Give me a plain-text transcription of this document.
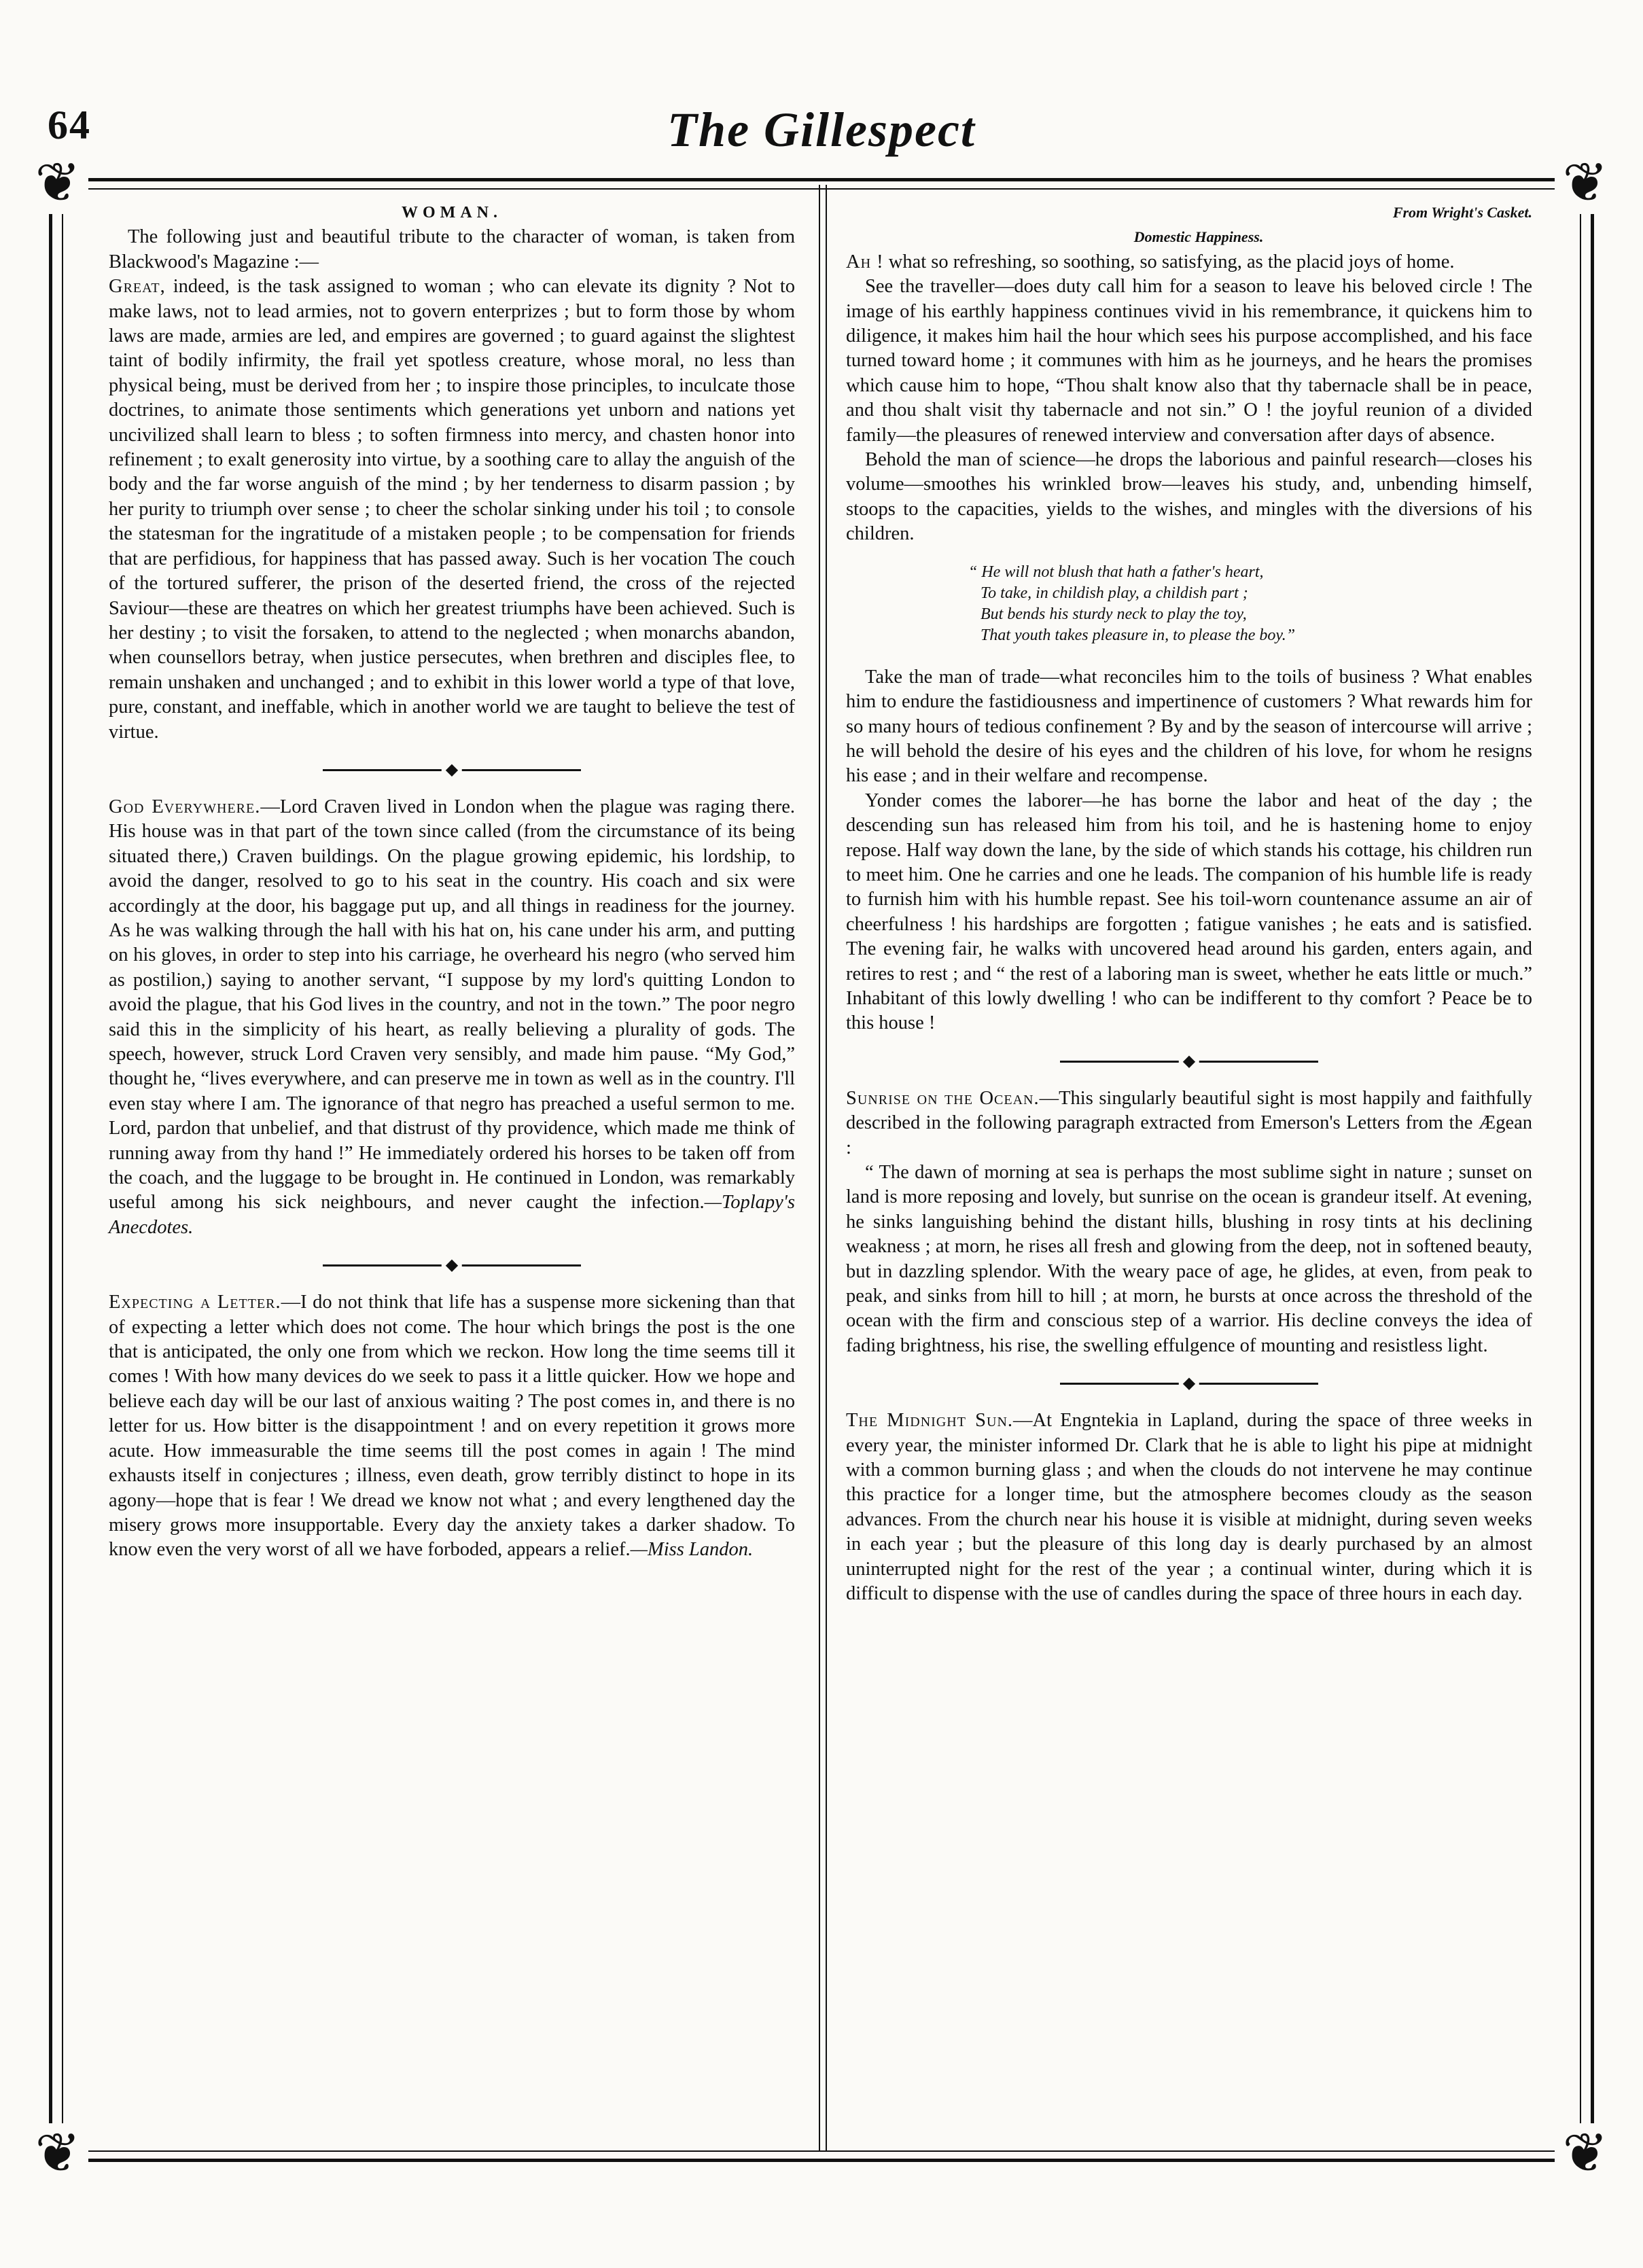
64	The Gillespect
❦	❦
❦	❦

WOMAN.

The following just and beautiful tribute to the character of woman, is taken from Blackwood's Magazine :—

Great, indeed, is the task assigned to woman ; who can elevate its dignity ? Not to make laws, not to lead armies, not to govern enterprizes ; but to form those by whom laws are made, armies are led, and empires are governed ; to guard against the slightest taint of bodily infirmity, the frail yet spotless creature, whose moral, no less than physical being, must be derived from her ; to inspire those principles, to inculcate those doctrines, to animate those sentiments which generations yet unborn and nations yet uncivilized shall learn to bless ; to soften firmness into mercy, and chasten honor into refinement ; to exalt generosity into virtue, by a soothing care to allay the anguish of the body and the far worse anguish of the mind ; by her tenderness to disarm passion ; by her purity to triumph over sense ; to cheer the scholar sinking under his toil ; to console the statesman for the ingratitude of a mistaken people ; to be compensation for friends that are perfidious, for happiness that has passed away. Such is her vocation The couch of the tortured sufferer, the prison of the deserted friend, the cross of the rejected Saviour—these are theatres on which her greatest triumphs have been achieved. Such is her destiny ; to visit the forsaken, to attend to the neglected ; when monarchs abandon, when counsellors betray, when justice persecutes, when brethren and disciples flee, to remain unshaken and unchanged ; and to exhibit in this lower world a type of that love, pure, constant, and ineffable, which in another world we are taught to believe the test of virtue.

◆

God Everywhere.—Lord Craven lived in London when the plague was raging there. His house was in that part of the town since called (from the circumstance of its being situated there,) Craven buildings. On the plague growing epidemic, his lordship, to avoid the danger, resolved to go to his seat in the country. His coach and six were accordingly at the door, his baggage put up, and all things in readiness for the journey. As he was walking through the hall with his hat on, his cane under his arm, and putting on his gloves, in order to step into his carriage, he overheard his negro (who served him as postilion,) saying to another servant, “I suppose by my lord's quitting London to avoid the plague, that his God lives in the country, and not in the town.” The poor negro said this in the simplicity of his heart, as really believing a plurality of gods. The speech, however, struck Lord Craven very sensibly, and made him pause. “My God,” thought he, “lives everywhere, and can preserve me in town as well as in the country. I'll even stay where I am. The ignorance of that negro has preached a useful sermon to me. Lord, pardon that unbelief, and that distrust of thy providence, which made me think of running away from thy hand !” He immediately ordered his horses to be taken off from the coach, and the luggage to be brought in. He continued in London, was remarkably useful among his sick neighbours, and never caught the infection.—Toplapy's Anecdotes.

◆

Expecting a Letter.—I do not think that life has a suspense more sickening than that of expecting a letter which does not come. The hour which brings the post is the one that is anticipated, the only one from which we reckon. How long the time seems till it comes ! With how many devices do we seek to pass it a little quicker. How we hope and believe each day will be our last of anxious waiting ? The post comes in, and there is no letter for us. How bitter is the disappointment ! and on every repetition it grows more acute. How immeasurable the time seems till the post comes in again ! The mind exhausts itself in conjectures ; illness, even death, grow terribly distinct to hope in its agony—hope that is fear ! We dread we know not what ; and every lengthened day the misery grows more insupportable. Every day the anxiety takes a darker shadow. To know even the very worst of all we have forboded, appears a relief.—Miss Landon.

From Wright's Casket.

Domestic Happiness.

Ah ! what so refreshing, so soothing, so satisfying, as the placid joys of home.

See the traveller—does duty call him for a season to leave his beloved circle ! The image of his earthly happiness continues vivid in his remembrance, it quickens him to diligence, it makes him hail the hour which sees his purpose accomplished, and his face turned toward home ; it communes with him as he journeys, and he hears the promises which cause him to hope, “Thou shalt know also that thy tabernacle shall be in peace, and thou shalt visit thy tabernacle and not sin.” O ! the joyful reunion of a divided family—the pleasures of renewed interview and conversation after days of absence.

Behold the man of science—he drops the laborious and painful research—closes his volume—smoothes his wrinkled brow—leaves his study, and, unbending himself, stoops to the capacities, yields to the wishes, and mingles with the diversions of his children.

“ He will not blush that hath a father's heart,
To take, in childish play, a childish part ;
But bends his sturdy neck to play the toy,
That youth takes pleasure in, to please the boy.”

Take the man of trade—what reconciles him to the toils of business ? What enables him to endure the fastidiousness and impertinence of customers ? What rewards him for so many hours of tedious confinement ? By and by the season of intercourse will arrive ; he will behold the desire of his eyes and the children of his love, for whom he resigns his ease ; and in their welfare and recompense.

Yonder comes the laborer—he has borne the labor and heat of the day ; the descending sun has released him from his toil, and he is hastening home to enjoy repose. Half way down the lane, by the side of which stands his cottage, his children run to meet him. One he carries and one he leads. The companion of his humble life is ready to furnish him with his humble repast. See his toil-worn countenance assume an air of cheerfulness ! his hardships are forgotten ; fatigue vanishes ; he eats and is satisfied. The evening fair, he walks with uncovered head around his garden, enters again, and retires to rest ; and “ the rest of a laboring man is sweet, whether he eats little or much.” Inhabitant of this lowly dwelling ! who can be indifferent to thy comfort ? Peace be to this house !

◆

Sunrise on the Ocean.—This singularly beautiful sight is most happily and faithfully described in the following paragraph extracted from Emerson's Letters from the Ægean :

“ The dawn of morning at sea is perhaps the most sublime sight in nature ; sunset on land is more reposing and lovely, but sunrise on the ocean is grandeur itself. At evening, he sinks languishing behind the distant hills, blushing in rosy tints at his declining weakness ; at morn, he rises all fresh and glowing from the deep, not in softened beauty, but in dazzling splendor. With the weary pace of age, he glides, at even, from peak to peak, and sinks from hill to hill ; at morn, he bursts at once across the threshold of the ocean with the firm and conscious step of a warrior. His decline conveys the idea of fading brightness, his rise, the swelling effulgence of mounting and resistless light.

◆

The Midnight Sun.—At Engntekia in Lapland, during the space of three weeks in every year, the minister informed Dr. Clark that he is able to light his pipe at midnight with a common burning glass ; and when the clouds do not intervene he may continue this practice for a longer time, but the atmosphere becomes cloudy as the season advances. From the church near his house it is visible at midnight, during seven weeks in each year ; but the pleasure of this long day is dearly purchased by an almost uninterrupted night for the rest of the year ; a continual winter, during which it is difficult to dispense with the use of candles during the space of three hours in each day.
